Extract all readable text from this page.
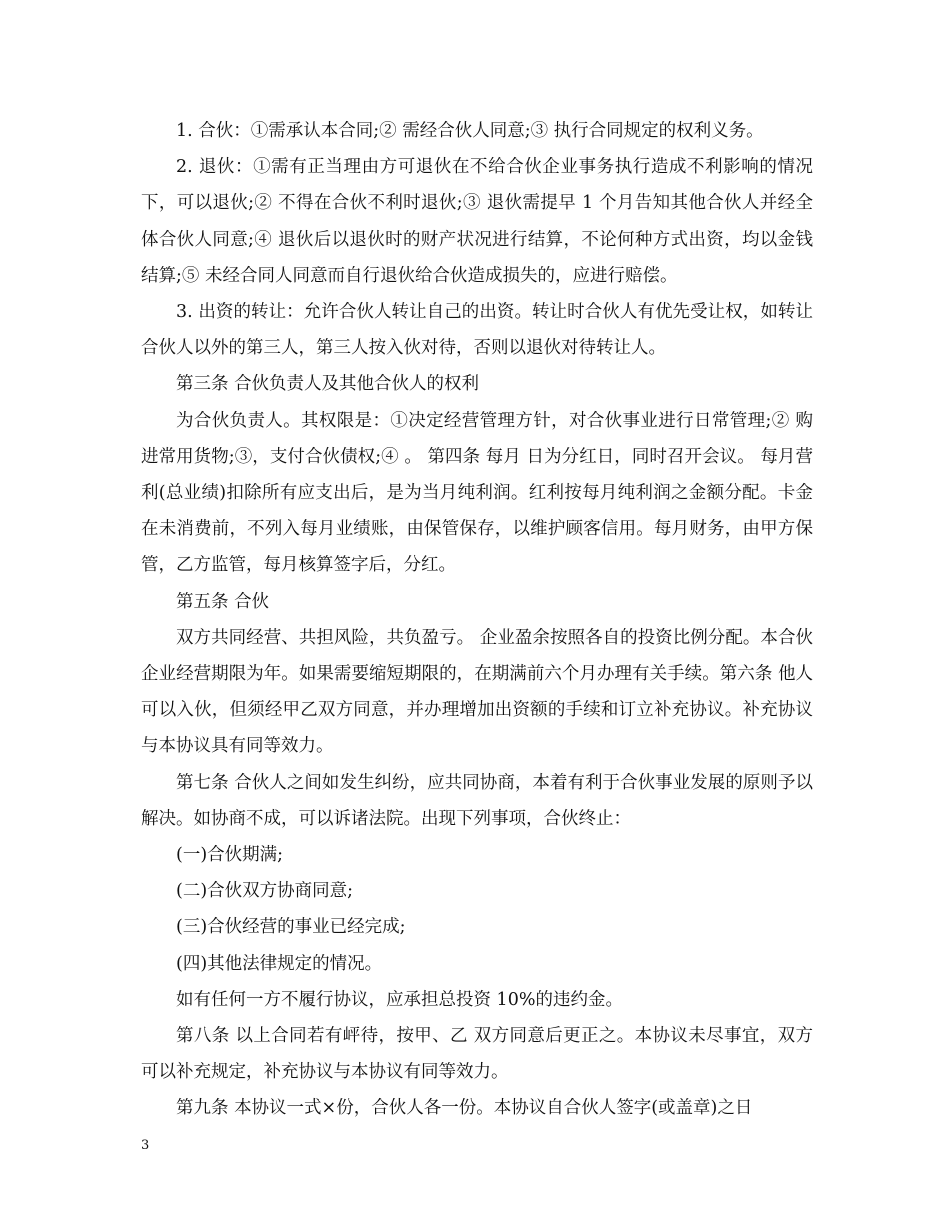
1. 合伙：①需承认本合同;② 需经合伙人同意;③ 执行合同规定的权利义务。

2. 退伙：①需有正当理由方可退伙在不给合伙企业事务执行造成不利影响的情况下，可以退伙;② 不得在合伙不利时退伙;③ 退伙需提早 1 个月告知其他合伙人并经全体合伙人同意;④ 退伙后以退伙时的财产状况进行结算，不论何种方式出资，均以金钱结算;⑤ 未经合同人同意而自行退伙给合伙造成损失的，应进行赔偿。

3. 出资的转让：允许合伙人转让自己的出资。转让时合伙人有优先受让权，如转让合伙人以外的第三人，第三人按入伙对待，否则以退伙对待转让人。

第三条 合伙负责人及其他合伙人的权利

为合伙负责人。其权限是：①决定经营管理方针，对合伙事业进行日常管理;② 购进常用货物;③，支付合伙债权;④ 。 第四条 每月 日为分红日，同时召开会议。 每月营利(总业绩)扣除所有应支出后，是为当月纯利润。红利按每月纯利润之金额分配。卡金在未消费前，不列入每月业绩账，由保管保存，以维护顾客信用。每月财务，由甲方保管，乙方监管，每月核算签字后，分红。

第五条 合伙

双方共同经营、共担风险，共负盈亏。 企业盈余按照各自的投资比例分配。本合伙企业经营期限为年。如果需要缩短期限的，在期满前六个月办理有关手续。第六条 他人可以入伙，但须经甲乙双方同意，并办理增加出资额的手续和订立补充协议。补充协议与本协议具有同等效力。

第七条 合伙人之间如发生纠纷，应共同协商，本着有利于合伙事业发展的原则予以解决。如协商不成，可以诉诸法院。出现下列事项，合伙终止：

(一)合伙期满;

(二)合伙双方协商同意;

(三)合伙经营的事业已经完成;

(四)其他法律规定的情况。

如有任何一方不履行协议，应承担总投资 10%的违约金。

第八条 以上合同若有岼待，按甲、乙 双方同意后更正之。本协议未尽事宜，双方可以补充规定，补充协议与本协议有同等效力。

第九条 本协议一式×份，合伙人各一份。本协议自合伙人签字(或盖章)之日

3
